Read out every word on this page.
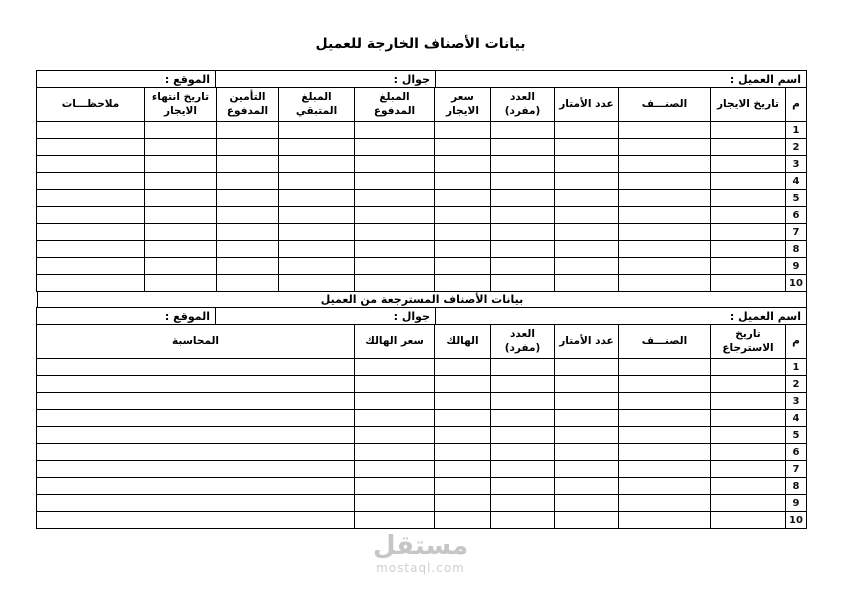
بيانات الأصناف الخارجة للعميل
اسم العميل :	جوال :	الموقع :
م	تاريخ الايجار	الصنـــف	عدد الأمتار	العدد (مفرد)	سعر الايجار	المبلغ المدفوع	المبلغ المتبقي	التأمين المدفوع	تاريخ انتهاء الايجار	ملاحظـــات
1										
2										
3										
4										
5										
6										
7										
8										
9										
10										
بيانات الأصناف المسترجعة من العميل
اسم العميل :	جوال :	الموقع :
م	تاريخ الاسترجاع	الصنـــف	عدد الأمتار	العدد (مفرد)	الهالك	سعر الهالك	المحاسبة
1							
2							
3							
4							
5							
6							
7							
8							
9							
10							
مستقل
mostaql.com
